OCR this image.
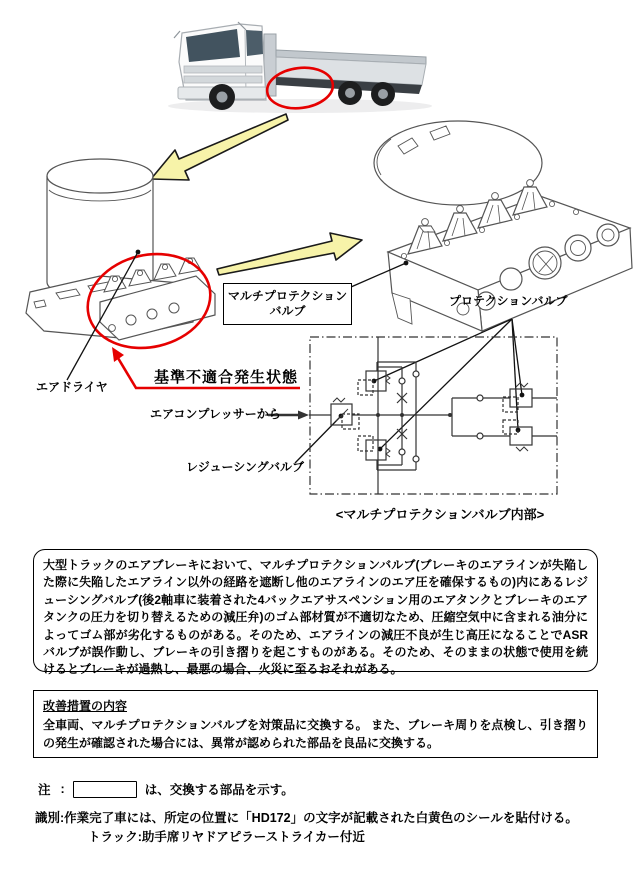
エアドライヤ
マルチプロテクション
バルブ
プロテクションバルブ
基準不適合発生状態
エアコンプレッサーから
レジューシングバルブ
<マルチプロテクションバルブ内部>
大型トラックのエアブレーキにおいて、マルチプロテクションバルブ(ブレーキのエアラインが失陥した際に失陥したエアライン以外の経路を遮断し他のエアラインのエア圧を確保するもの)内にあるレジューシングバルブ(後2軸車に装着された4バックエアサスペンション用のエアタンクとブレーキのエアタンクの圧力を切り替えるための減圧弁)のゴム部材質が不適切なため、圧縮空気中に含まれる油分によってゴム部が劣化するものがある。そのため、エアラインの減圧不良が生じ高圧になることでASRバルブが誤作動し、ブレーキの引き摺りを起こすものがある。そのため、そのままの状態で使用を続けるとブレーキが過熱し、最悪の場合、火災に至るおそれがある。
改善措置の内容
全車両、マルチプロテクションバルブを対策品に交換する。 また、ブレーキ周りを点検し、引き摺りの発生が確認された場合には、異常が認められた部品を良品に交換する。
注 :	は、交換する部品を示す。
識別: 作業完了車には、所定の位置に「HD172」の文字が記載された白黄色のシールを貼付ける。
トラック:助手席リヤドアピラーストライカー付近
